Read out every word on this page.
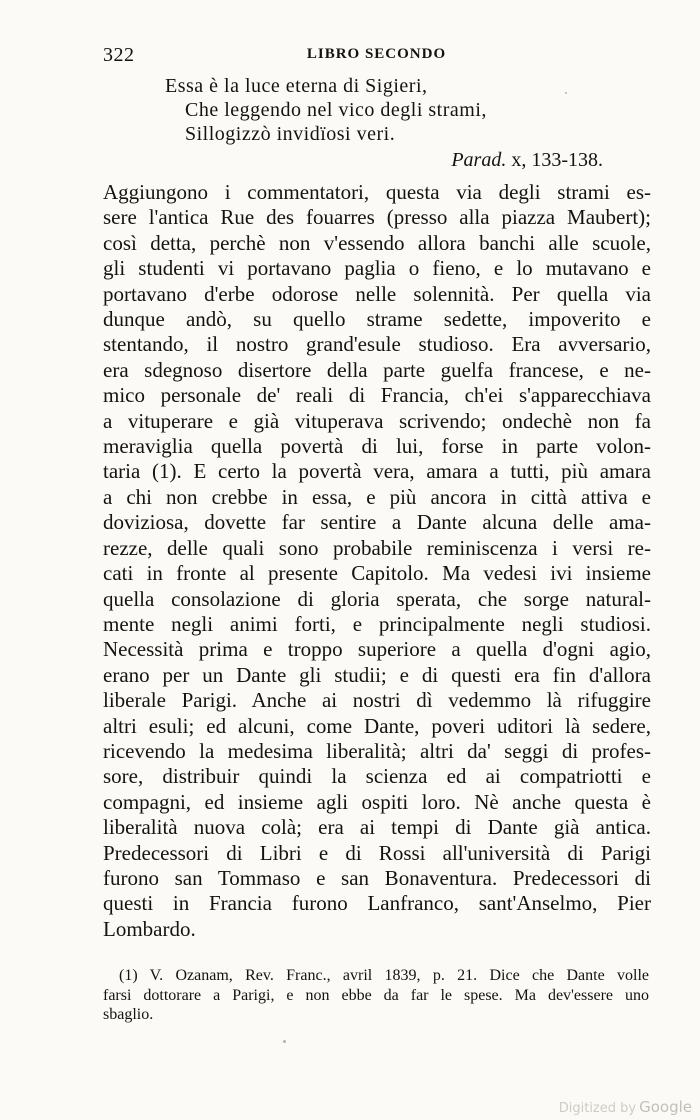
322	LIBRO SECONDO
Essa è la luce eterna di Sigieri,
Che leggendo nel vico degli strami,
Sillogizzò invidïosi veri.
Parad. x, 133-138.
Aggiungono i commentatori, questa via degli strami es-
sere l'antica Rue des fouarres (presso alla piazza Maubert);
così detta, perchè non v'essendo allora banchi alle scuole,
gli studenti vi portavano paglia o fieno, e lo mutavano e
portavano d'erbe odorose nelle solennità. Per quella via
dunque andò, su quello strame sedette, impoverito e
stentando, il nostro grand'esule studioso. Era avversario,
era sdegnoso disertore della parte guelfa francese, e ne-
mico personale de' reali di Francia, ch'ei s'apparecchiava
a vituperare e già vituperava scrivendo; ondechè non fa
meraviglia quella povertà di lui, forse in parte volon-
taria (1). E certo la povertà vera, amara a tutti, più amara
a chi non crebbe in essa, e più ancora in città attiva e
doviziosa, dovette far sentire a Dante alcuna delle ama-
rezze, delle quali sono probabile reminiscenza i versi re-
cati in fronte al presente Capitolo. Ma vedesi ivi insieme
quella consolazione di gloria sperata, che sorge natural-
mente negli animi forti, e principalmente negli studiosi.
Necessità prima e troppo superiore a quella d'ogni agio,
erano per un Dante gli studii; e di questi era fin d'allora
liberale Parigi. Anche ai nostri dì vedemmo là rifuggire
altri esuli; ed alcuni, come Dante, poveri uditori là sedere,
ricevendo la medesima liberalità; altri da' seggi di profes-
sore, distribuir quindi la scienza ed ai compatriotti e
compagni, ed insieme agli ospiti loro. Nè anche questa è
liberalità nuova colà; era ai tempi di Dante già antica.
Predecessori di Libri e di Rossi all'università di Parigi
furono san Tommaso e san Bonaventura. Predecessori di
questi in Francia furono Lanfranco, sant'Anselmo, Pier
Lombardo.
(1) V. Ozanam, Rev. Franc., avril 1839, p. 21. Dice che Dante volle
farsi dottorare a Parigi, e non ebbe da far le spese. Ma dev'essere uno
sbaglio.
Digitized by Google
